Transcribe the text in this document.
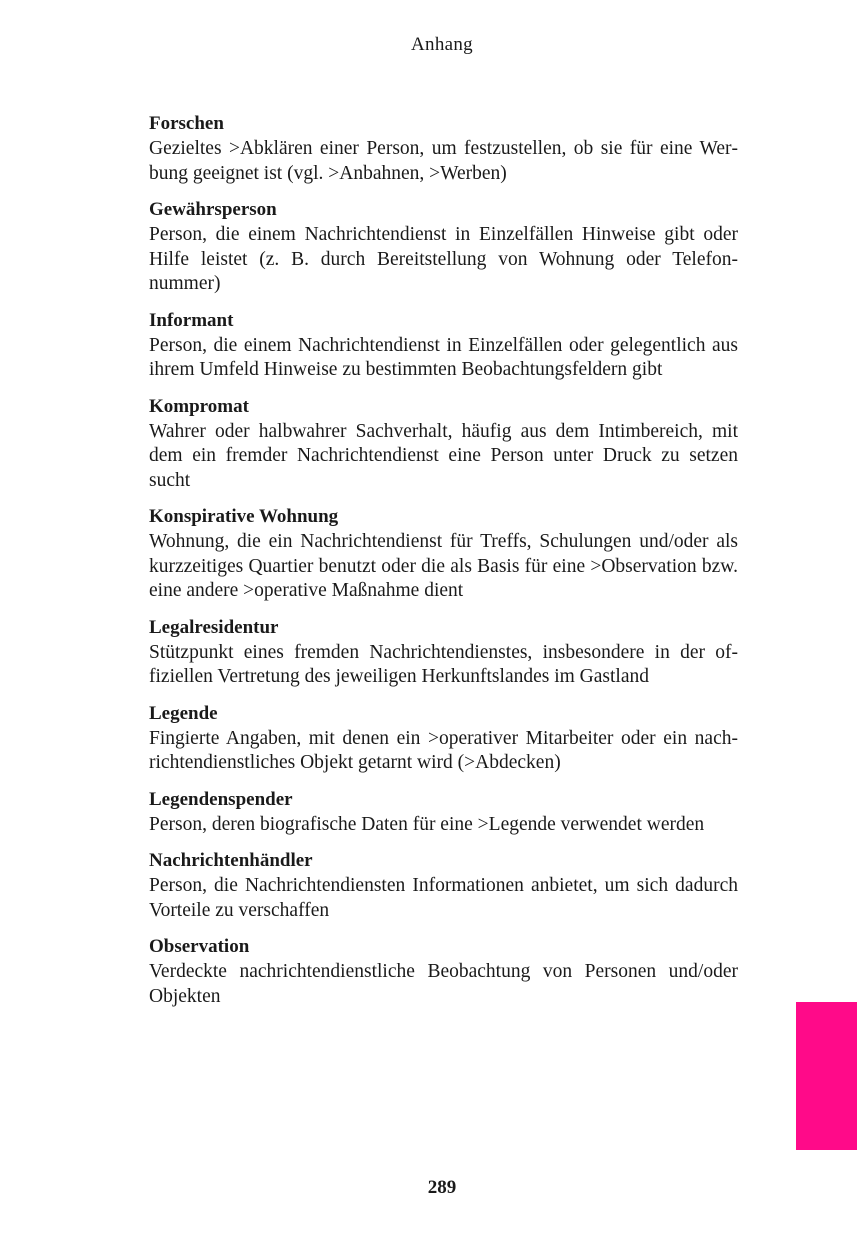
Anhang
Forschen

Gezieltes >Abklären einer Person, um festzustellen, ob sie für eine Werbung geeignet ist (vgl. >Anbahnen, >Werben)

Gewährsperson

Person, die einem Nachrichtendienst in Einzelfällen Hinweise gibt oder Hilfe leistet (z. B. durch Bereitstellung von Wohnung oder Telefonnummer)

Informant

Person, die einem Nachrichtendienst in Einzelfällen oder gelegentlich aus ihrem Umfeld Hinweise zu bestimmten Beobachtungsfeldern gibt

Kompromat

Wahrer oder halbwahrer Sachverhalt, häufig aus dem Intimbereich, mit dem ein fremder Nachrichtendienst eine Person unter Druck zu setzen sucht

Konspirative Wohnung

Wohnung, die ein Nachrichtendienst für Treffs, Schulungen und/oder als kurzzeitiges Quartier benutzt oder die als Basis für eine >Observation bzw. eine andere >operative Maßnahme dient

Legalresidentur

Stützpunkt eines fremden Nachrichtendienstes, insbesondere in der offiziellen Vertretung des jeweiligen Herkunftslandes im Gastland

Legende

Fingierte Angaben, mit denen ein >operativer Mitarbeiter oder ein nachrichtendienstliches Objekt getarnt wird (>Abdecken)

Legendenspender

Person, deren biografische Daten für eine >Legende verwendet werden

Nachrichtenhändler

Person, die Nachrichtendiensten Informationen anbietet, um sich dadurch Vorteile zu verschaffen

Observation

Verdeckte nachrichtendienstliche Beobachtung von Personen und/oder Objekten

289
